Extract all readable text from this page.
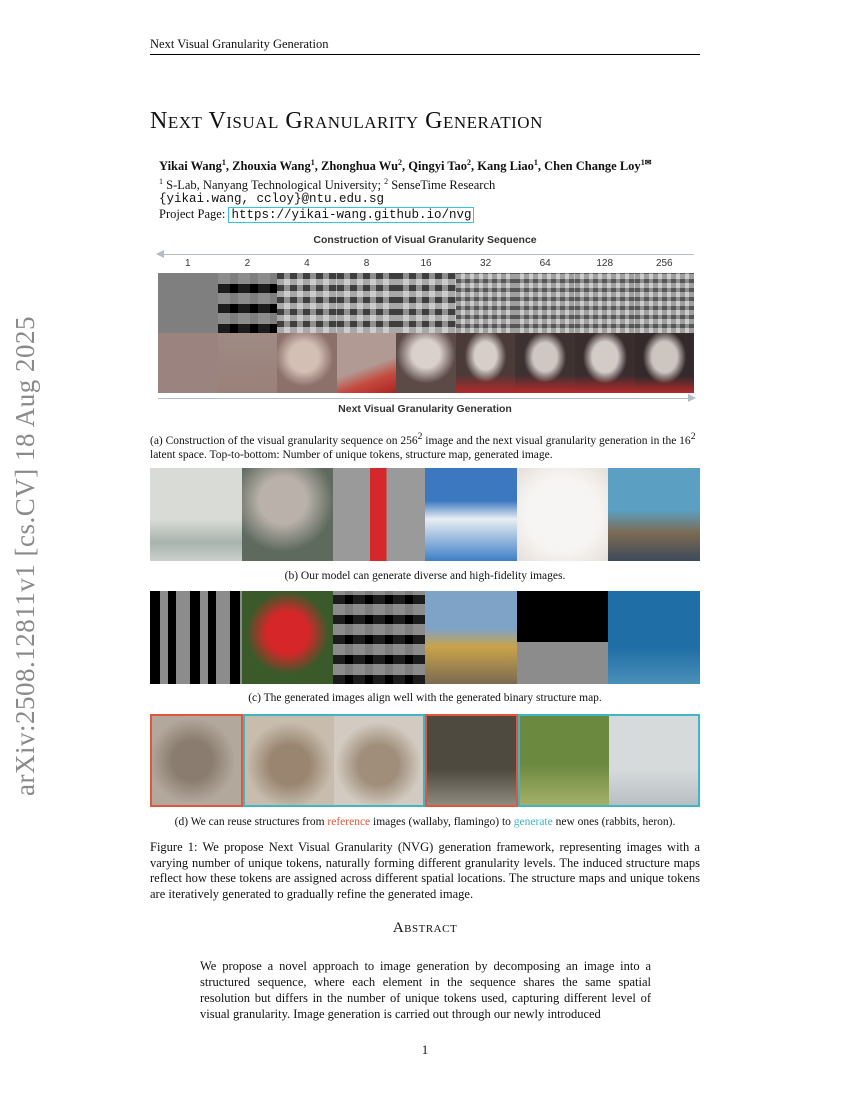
Next Visual Granularity Generation
arXiv:2508.12811v1 [cs.CV] 18 Aug 2025
Next Visual Granularity Generation
Yikai Wang$^1$, Zhouxia Wang$^1$, Zhonghua Wu$^2$, Qingyi Tao$^2$, Kang Liao$^1$, Chen Change Loy$^{1✉}$
$^1$ S-Lab, Nanyang Technological University; $^2$ SenseTime Research
{yikai.wang, ccloy}@ntu.edu.sg
Project Page: https://yikai-wang.github.io/nvg
Construction of Visual Granularity Sequence
1	2	4	8	16	32	64	128	256
Next Visual Granularity Generation
(a) Construction of the visual granularity sequence on $256^2$ image and the next visual granularity generation in the $16^2$ latent space. Top-to-bottom: Number of unique tokens, structure map, generated image.
(b) Our model can generate diverse and high-fidelity images.
(c) The generated images align well with the generated binary structure map.
(d) We can reuse structures from reference images (wallaby, flamingo) to generate new ones (rabbits, heron).
Figure 1: We propose Next Visual Granularity (NVG) generation framework, representing images with a varying number of unique tokens, naturally forming different granularity levels. The induced structure maps reflect how these tokens are assigned across different spatial locations. The structure maps and unique tokens are iteratively generated to gradually refine the generated image.
Abstract
We propose a novel approach to image generation by decomposing an image into a structured sequence, where each element in the sequence shares the same spatial resolution but differs in the number of unique tokens used, capturing different level of visual granularity. Image generation is carried out through our newly introduced
1
